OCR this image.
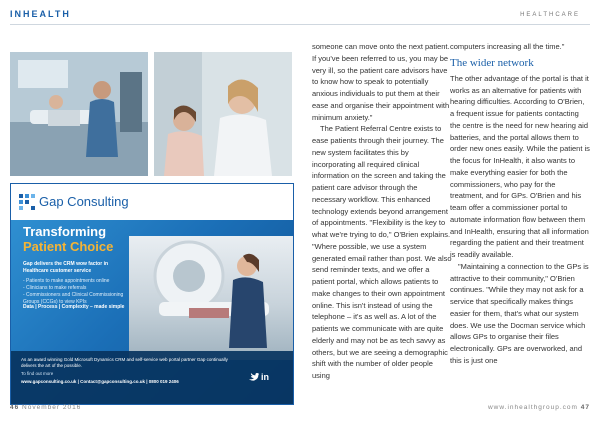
INHEALTH	HEALTHCARE
Gap Consulting
Transforming
Patient Choice
Gap delivers the CRM wow factor in Healthcare customer service
- Patients to make appointments online
- Clinicians to make referrals
- Commissioners and Clinical Commissioning Groups (CCGs) to view KPIs
Data | Process | Complexity – made simple
As an award winning Gold Microsoft Dynamics CRM and self-service web portal partner Gap continually delivers the art of the possible.
To find out more
www.gapconsulting.co.uk | Contact@gapconsulting.co.uk | 0800 019 2406	in

someone can move onto the next patient. If you've been referred to us, you may be very ill, so the patient care advisors have to know how to speak to potentially anxious individuals to put them at their ease and organise their appointment with minimum anxiety."

The Patient Referral Centre exists to ease patients through their journey. The new system facilitates this by incorporating all required clinical information on the screen and taking the patient care advisor through the necessary workflow. This enhanced technology extends beyond arrangement of appointments. "Flexibility is the key to what we're trying to do," O'Brien explains. "Where possible, we use a system generated email rather than post. We also send reminder texts, and we offer a patient portal, which allows patients to make changes to their own appointment online. This isn't instead of using the telephone – it's as well as. A lot of the patients we communicate with are quite elderly and may not be as tech savvy as others, but we are seeing a demographic shift with the number of older people using

computers increasing all the time."

The wider network

The other advantage of the portal is that it works as an alternative for patients with hearing difficulties. According to O'Brien, a frequent issue for patients contacting the centre is the need for new hearing aid batteries, and the portal allows them to order new ones easily. While the patient is the focus for InHealth, it also wants to make everything easier for both the commissioners, who pay for the treatment, and for GPs. O'Brien and his team offer a commissioner portal to automate information flow between them and InHealth, ensuring that all information regarding the patient and their treatment is readily available.

"Maintaining a connection to the GPs is attractive to their community," O'Brien continues. "While they may not ask for a service that specifically makes things easier for them, that's what our system does. We use the Docman service which allows GPs to organise their files electronically. GPs are overworked, and this is just one

46 November 2016	www.inhealthgroup.com 47
